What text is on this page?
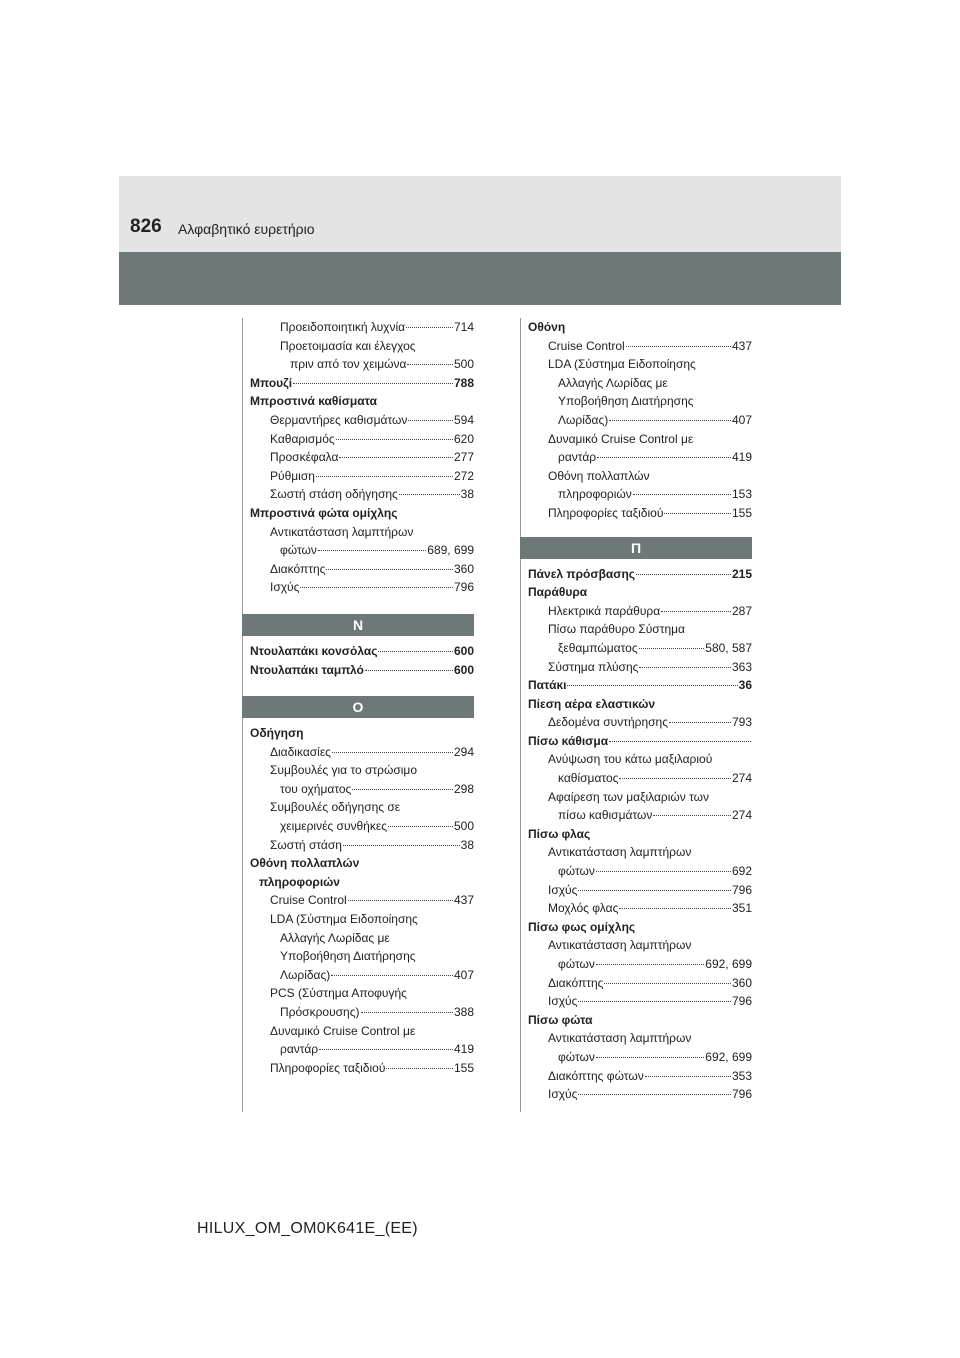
826 Αλφαβητικό ευρετήριο
Προειδοποιητική λυχνία	714
Προετοιμασία και έλεγχος
πριν από τον χειμώνα	500
Μπουζί	788
Μπροστινά καθίσματα
Θερμαντήρες καθισμάτων	594
Καθαρισμός	620
Προσκέφαλα	277
Ρύθμιση	272
Σωστή στάση οδήγησης	38
Μπροστινά φώτα ομίχλης
Αντικατάσταση λαμπτήρων
φώτων	689, 699
Διακόπτης	360
Ισχύς	796
Ν
Ντουλαπάκι κονσόλας	600
Ντουλαπάκι ταμπλό	600
Ο
Οδήγηση
Διαδικασίες	294
Συμβουλές για το στρώσιμο
του οχήματος	298
Συμβουλές οδήγησης σε
χειμερινές συνθήκες	500
Σωστή στάση	38
Οθόνη πολλαπλών
πληροφοριών
Cruise Control	437
LDA (Σύστημα Ειδοποίησης
Αλλαγής Λωρίδας με
Υποβοήθηση Διατήρησης
Λωρίδας)	407
PCS (Σύστημα Αποφυγής
Πρόσκρουσης)	388
Δυναμικό Cruise Control με
ραντάρ	419
Πληροφορίες ταξιδιού	155
Οθόνη
Cruise Control	437
LDA (Σύστημα Ειδοποίησης
Αλλαγής Λωρίδας με
Υποβοήθηση Διατήρησης
Λωρίδας)	407
Δυναμικό Cruise Control με
ραντάρ	419
Οθόνη πολλαπλών
πληροφοριών	153
Πληροφορίες ταξιδιού	155
Π
Πάνελ πρόσβασης	215
Παράθυρα
Ηλεκτρικά παράθυρα	287
Πίσω παράθυρο Σύστημα
ξεθαμπώματος	580, 587
Σύστημα πλύσης	363
Πατάκι	36
Πίεση αέρα ελαστικών
Δεδομένα συντήρησης	793
Πίσω κάθισμα
Ανύψωση του κάτω μαξιλαριού
καθίσματος	274
Αφαίρεση των μαξιλαριών των
πίσω καθισμάτων	274
Πίσω φλας
Αντικατάσταση λαμπτήρων
φώτων	692
Ισχύς	796
Μοχλός φλας	351
Πίσω φως ομίχλης
Αντικατάσταση λαμπτήρων
φώτων	692, 699
Διακόπτης	360
Ισχύς	796
Πίσω φώτα
Αντικατάσταση λαμπτήρων
φώτων	692, 699
Διακόπτης φώτων	353
Ισχύς	796
HILUX_OM_OM0K641E_(EE)
